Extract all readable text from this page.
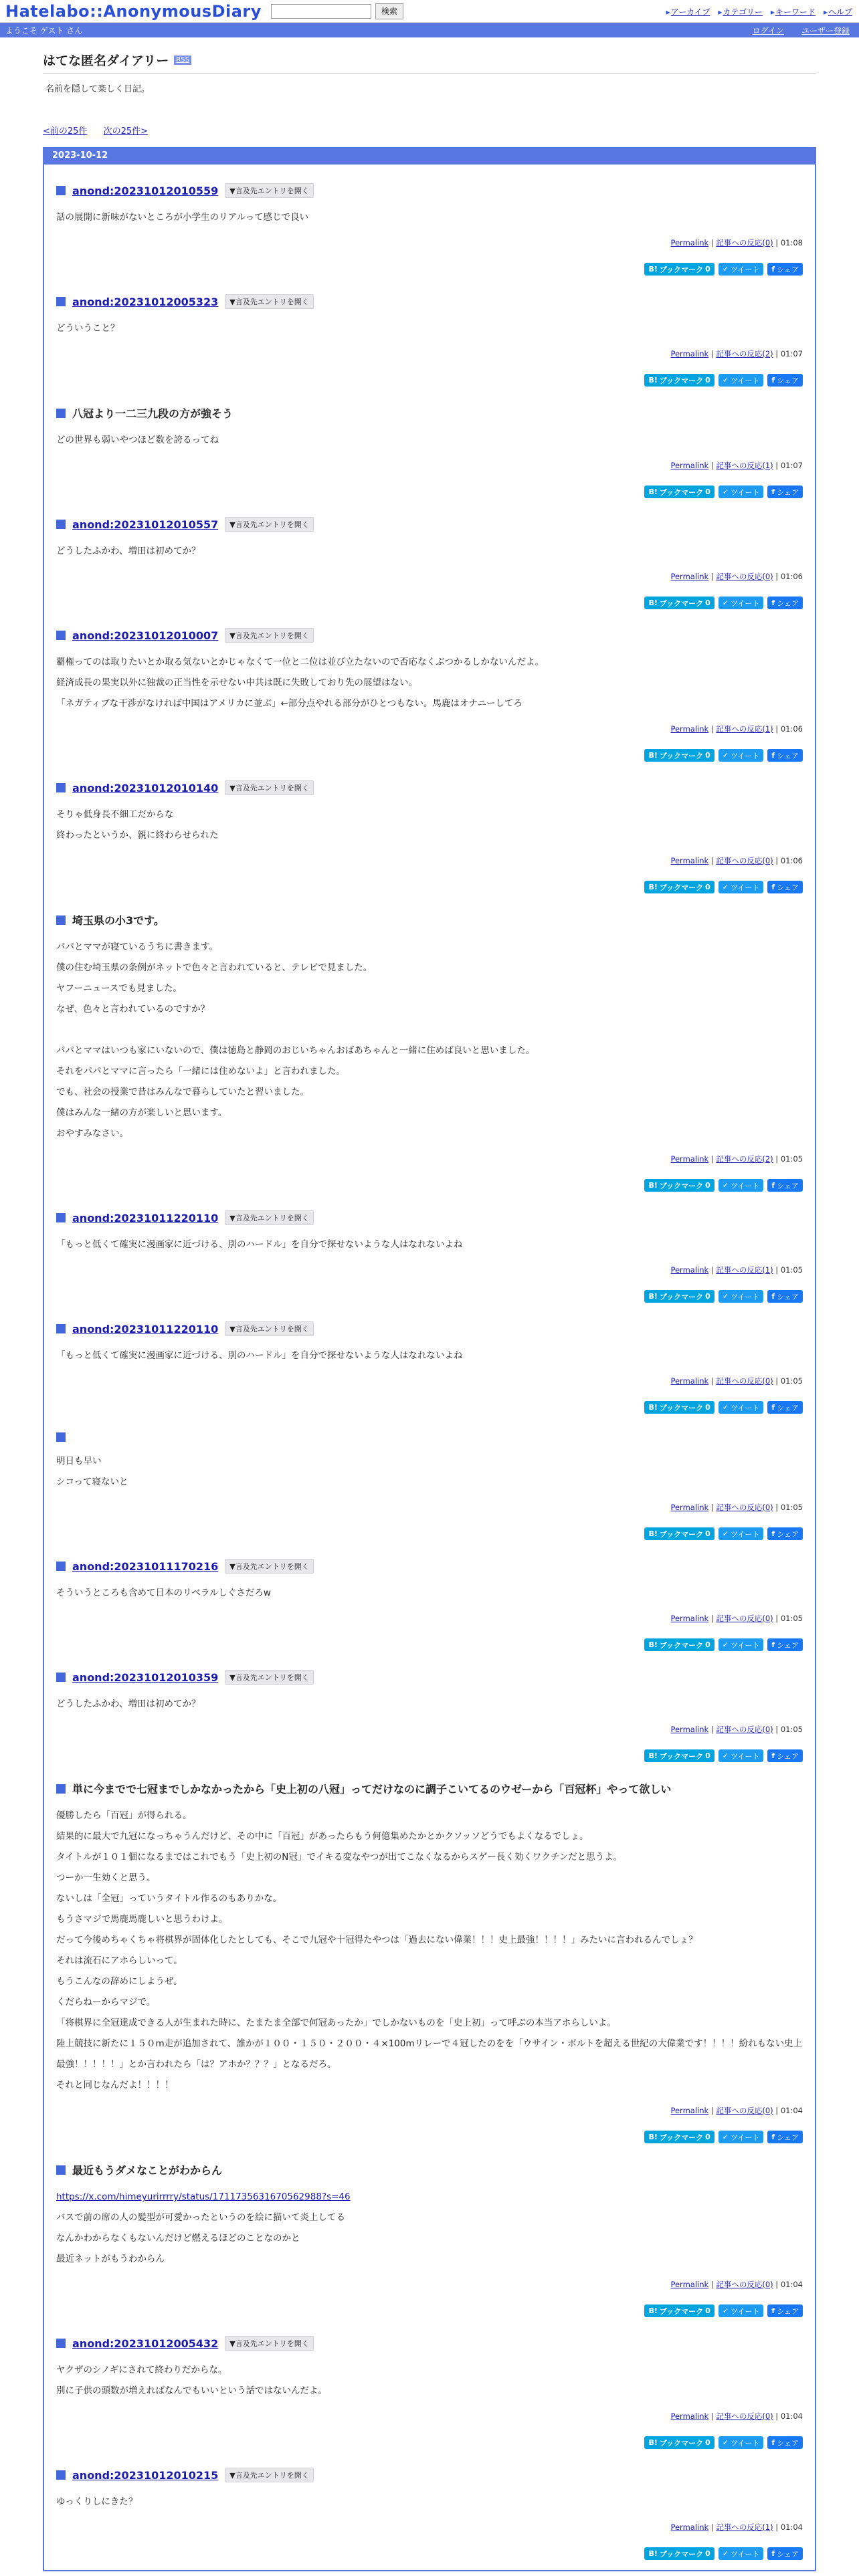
Hatelabo::AnonymousDiary	検索	▸ アーカイブ	▸ カテゴリー	▸ キーワード	▸ ヘルプ
ようこそ ゲスト さん	ログイン ユーザー登録
はてな匿名ダイアリー	RSS

名前を隠して楽しく日記。

<前の25件 次の25件>
2023-10-12
anond:20231012010559	▼言及先エントリを開く

話の展開に新味がないところが小学生のリアルって感じで良い

Permalink | 記事への反応(0) | 01:08
B! ブックマーク 0 ✓ ツイート f シェア
anond:20231012005323	▼言及先エントリを開く

どういうこと？

Permalink | 記事への反応(2) | 01:07
B! ブックマーク 0 ✓ ツイート f シェア
八冠より一二三九段の方が強そう

どの世界も弱いやつほど数を誇るってね

Permalink | 記事への反応(1) | 01:07
B! ブックマーク 0 ✓ ツイート f シェア
anond:20231012010557	▼言及先エントリを開く

どうしたふかわ、増田は初めてか？

Permalink | 記事への反応(0) | 01:06
B! ブックマーク 0 ✓ ツイート f シェア
anond:20231012010007	▼言及先エントリを開く

覇権ってのは取りたいとか取る気ないとかじゃなくて一位と二位は並び立たないので否応なくぶつかるしかないんだよ。

経済成長の果実以外に独裁の正当性を示せない中共は既に失敗しており先の展望はない。

「ネガティブな干渉がなければ中国はアメリカに並ぶ」←部分点やれる部分がひとつもない。馬鹿はオナニーしてろ

Permalink | 記事への反応(1) | 01:06
B! ブックマーク 0 ✓ ツイート f シェア
anond:20231012010140	▼言及先エントリを開く

そりゃ低身長不細工だからな

終わったというか、親に終わらせられた

Permalink | 記事への反応(0) | 01:06
B! ブックマーク 0 ✓ ツイート f シェア
埼玉県の小3です。

パパとママが寝ているうちに書きます。

僕の住む埼玉県の条例がネットで色々と言われていると、テレビで見ました。

ヤフーニュースでも見ました。

なぜ、色々と言われているのですか？

パパとママはいつも家にいないので、僕は徳島と静岡のおじいちゃんおばあちゃんと一緒に住めば良いと思いました。

それをパパとママに言ったら「一緒には住めないよ」と言われました。

でも、社会の授業で昔はみんなで暮らしていたと習いました。

僕はみんな一緒の方が楽しいと思います。

おやすみなさい。

Permalink | 記事への反応(2) | 01:05
B! ブックマーク 0 ✓ ツイート f シェア
anond:20231011220110	▼言及先エントリを開く

「もっと低くて確実に漫画家に近づける、別のハードル」を自分で探せないような人はなれないよね

Permalink | 記事への反応(1) | 01:05
B! ブックマーク 0 ✓ ツイート f シェア
anond:20231011220110	▼言及先エントリを開く

「もっと低くて確実に漫画家に近づける、別のハードル」を自分で探せないような人はなれないよね

Permalink | 記事への反応(0) | 01:05
B! ブックマーク 0 ✓ ツイート f シェア

明日も早い

シコって寝ないと

Permalink | 記事への反応(0) | 01:05
B! ブックマーク 0 ✓ ツイート f シェア
anond:20231011170216	▼言及先エントリを開く

そういうところも含めて日本のリベラルしぐさだろw

Permalink | 記事への反応(0) | 01:05
B! ブックマーク 0 ✓ ツイート f シェア
anond:20231012010359	▼言及先エントリを開く

どうしたふかわ、増田は初めてか？

Permalink | 記事への反応(0) | 01:05
B! ブックマーク 0 ✓ ツイート f シェア
単に今までで七冠までしかなかったから「史上初の八冠」ってだけなのに調子こいてるのウゼーから「百冠杯」やって欲しい

優勝したら「百冠」が得られる。

結果的に最大で九冠になっちゃうんだけど、その中に「百冠」があったらもう何億集めたかとかクソッソどうでもよくなるでしょ。

タイトルが１０１個になるまではこれでもう「史上初のN冠」でイキる変なやつが出てこなくなるからスゲー長く効くワクチンだと思うよ。

つーか一生効くと思う。

ないしは「全冠」っていうタイトル作るのもありかな。

もうさマジで馬鹿馬鹿しいと思うわけよ。

だって今後めちゃくちゃ将棋界が固体化したとしても、そこで九冠や十冠得たやつは「過去にない偉業！！！史上最強！！！！」みたいに言われるんでしょ？

それは流石にアホらしいって。

もうこんなの辞めにしようぜ。

くだらねーからマジで。

「将棋界に全冠達成できる人が生まれた時に、たまたま全部で何冠あったか」でしかないものを「史上初」って呼ぶの本当アホらしいよ。

陸上競技に新たに１５０m走が追加されて、誰かが１００・１５０・２００・４×100mリレーで４冠したのをを「ウサイン・ボルトを超える世紀の大偉業です！！！！紛れもない史上最強！！！！！」とか言われたら「は？アホか？？？」となるだろ。

それと同じなんだよ！！！！

Permalink | 記事への反応(0) | 01:04
B! ブックマーク 0 ✓ ツイート f シェア
最近もうダメなことがわからん

https://x.com/himeyurirrrry/status/1711735631670562988?s=46

バスで前の席の人の髪型が可愛かったというのを絵に描いて炎上してる

なんかわからなくもないんだけど燃えるほどのことなのかと

最近ネットがもうわからん

Permalink | 記事への反応(0) | 01:04
B! ブックマーク 0 ✓ ツイート f シェア
anond:20231012005432	▼言及先エントリを開く

ヤクザのシノギにされて終わりだからな。

別に子供の頭数が増えればなんでもいいという話ではないんだよ。

Permalink | 記事への反応(0) | 01:04
B! ブックマーク 0 ✓ ツイート f シェア
anond:20231012010215	▼言及先エントリを開く

ゆっくりしにきた？

Permalink | 記事への反応(1) | 01:04
B! ブックマーク 0 ✓ ツイート f シェア
